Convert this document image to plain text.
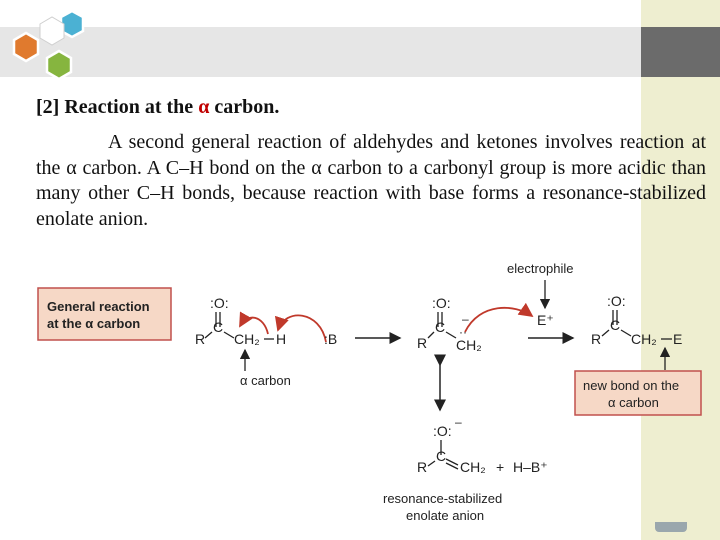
[2] Reaction at the α carbon.

A second general reaction of aldehydes and ketones involves reaction at the α carbon. A C–H bond on the α carbon to a carbonyl group is more acidic than many other C–H bonds, because reaction with base forms a resonance-stabilized enolate anion.

General reaction
at the α carbon
:O:
C
R CH₂ H	:B
α carbon
:O:
C
R
–
··
CH₂
E⁺
electrophile
:O:
C
R CH₂ E
new bond on the
α carbon
:O:
–
C
R CH₂ + H–B⁺
resonance-stabilized
enolate anion
